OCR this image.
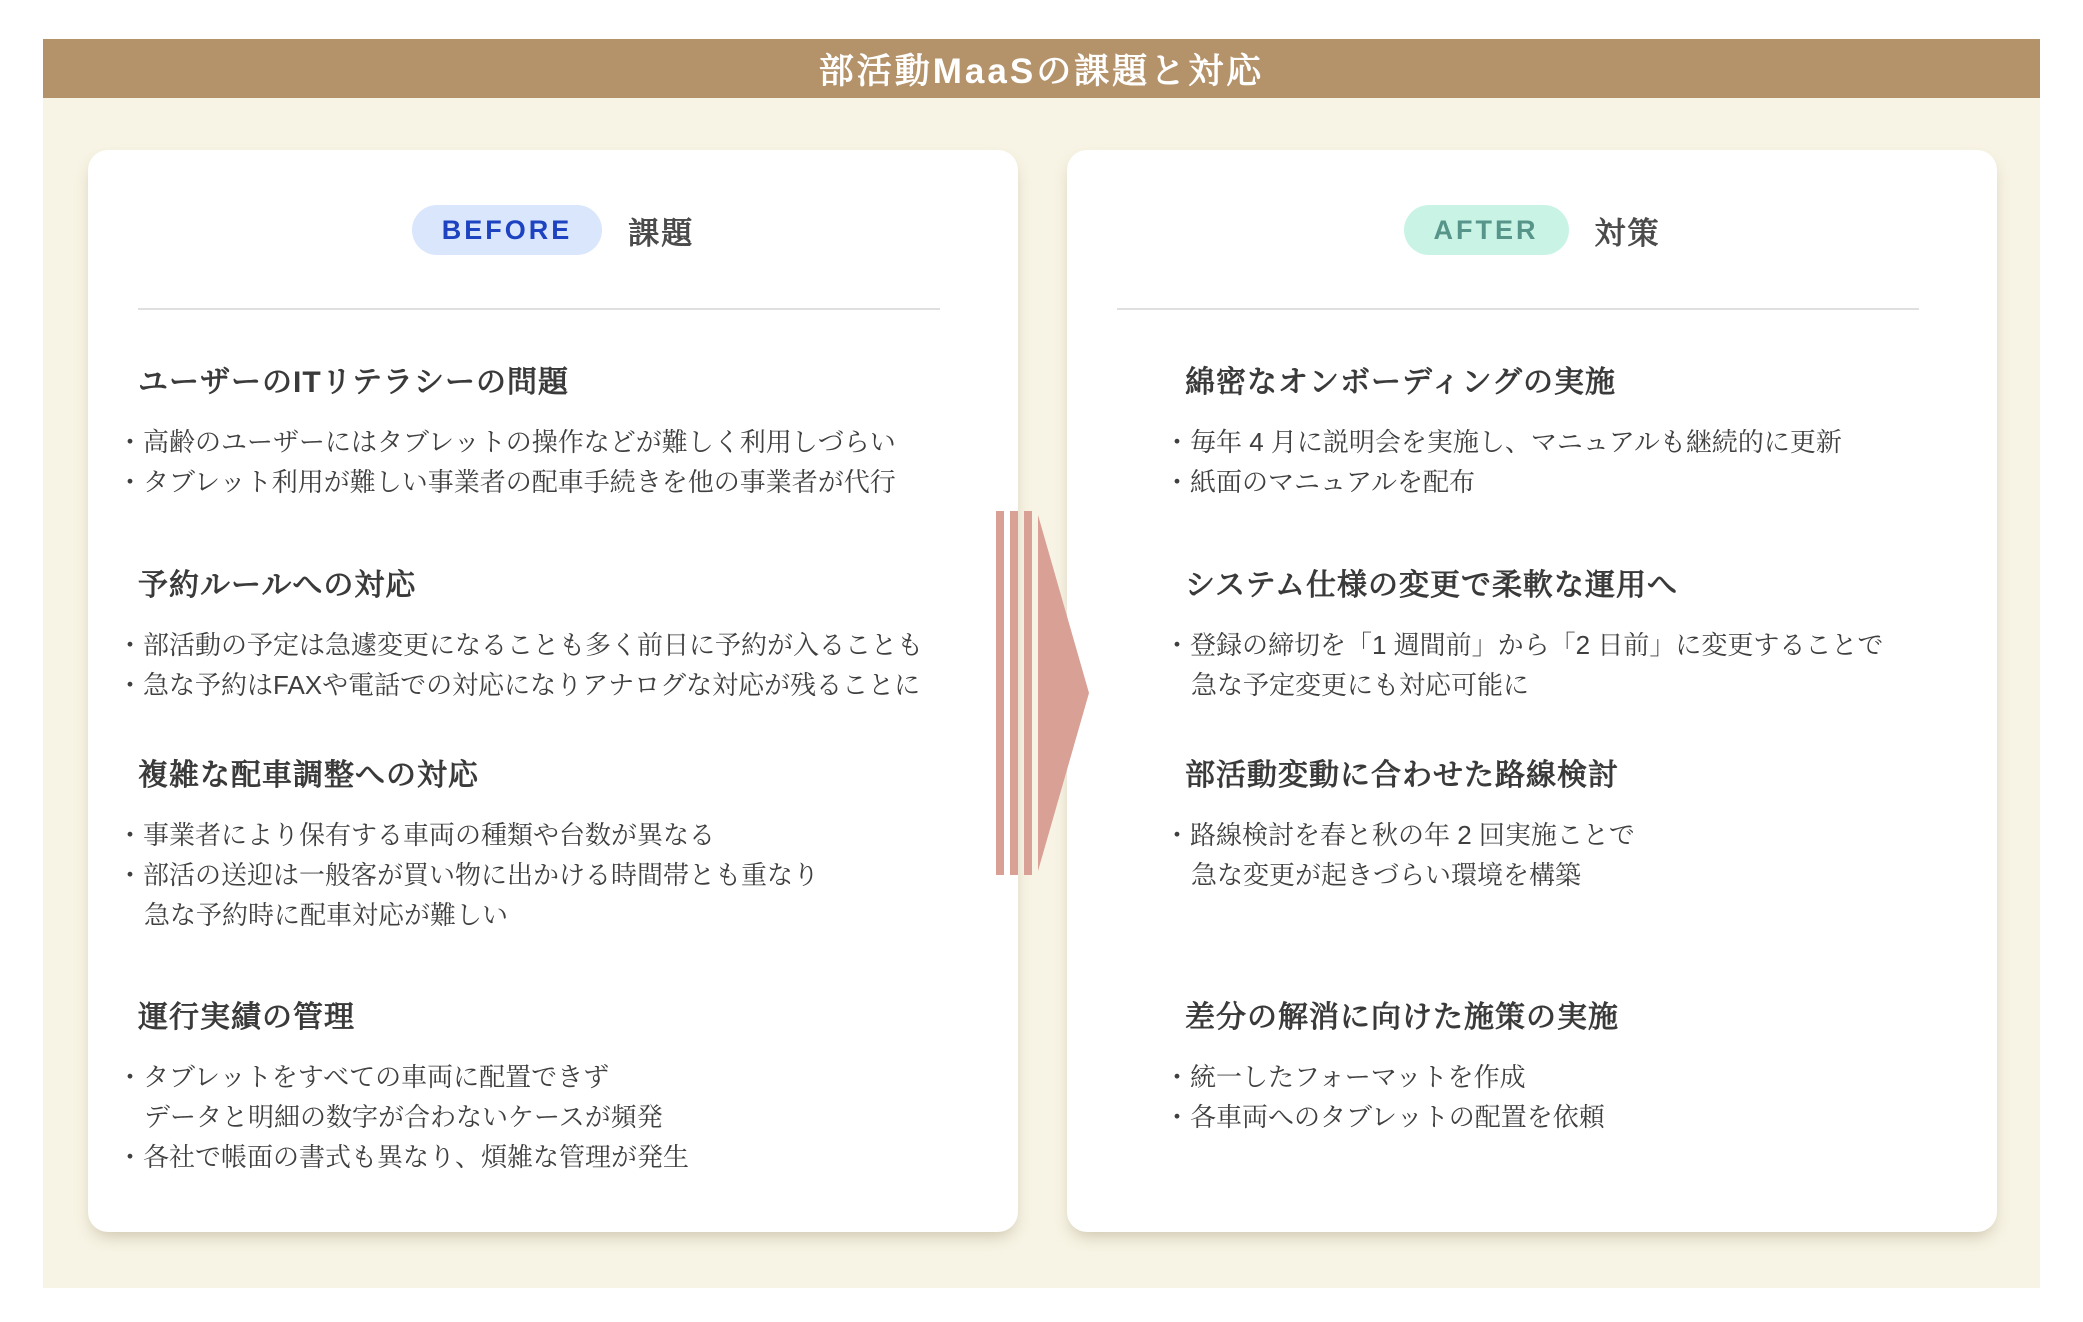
部活動MaaSの課題と対応
BEFORE	課題
ユーザーのITリテラシーの問題
・高齢のユーザーにはタブレットの操作などが難しく利用しづらい
・タブレット利用が難しい事業者の配車手続きを他の事業者が代行
予約ルールへの対応
・部活動の予定は急遽変更になることも多く前日に予約が入ることも
・急な予約はFAXや電話での対応になりアナログな対応が残ることに
複雑な配車調整への対応
・事業者により保有する車両の種類や台数が異なる
・部活の送迎は一般客が買い物に出かける時間帯とも重なり
急な予約時に配車対応が難しい
運行実績の管理
・タブレットをすべての車両に配置できず
データと明細の数字が合わないケースが頻発
・各社で帳面の書式も異なり、煩雑な管理が発生
AFTER	対策
綿密なオンボーディングの実施
・毎年 4 月に説明会を実施し、マニュアルも継続的に更新
・紙面のマニュアルを配布
システム仕様の変更で柔軟な運用へ
・登録の締切を「1 週間前」から「2 日前」に変更することで
急な予定変更にも対応可能に
部活動変動に合わせた路線検討
・路線検討を春と秋の年 2 回実施ことで
急な変更が起きづらい環境を構築
差分の解消に向けた施策の実施
・統一したフォーマットを作成
・各車両へのタブレットの配置を依頼
